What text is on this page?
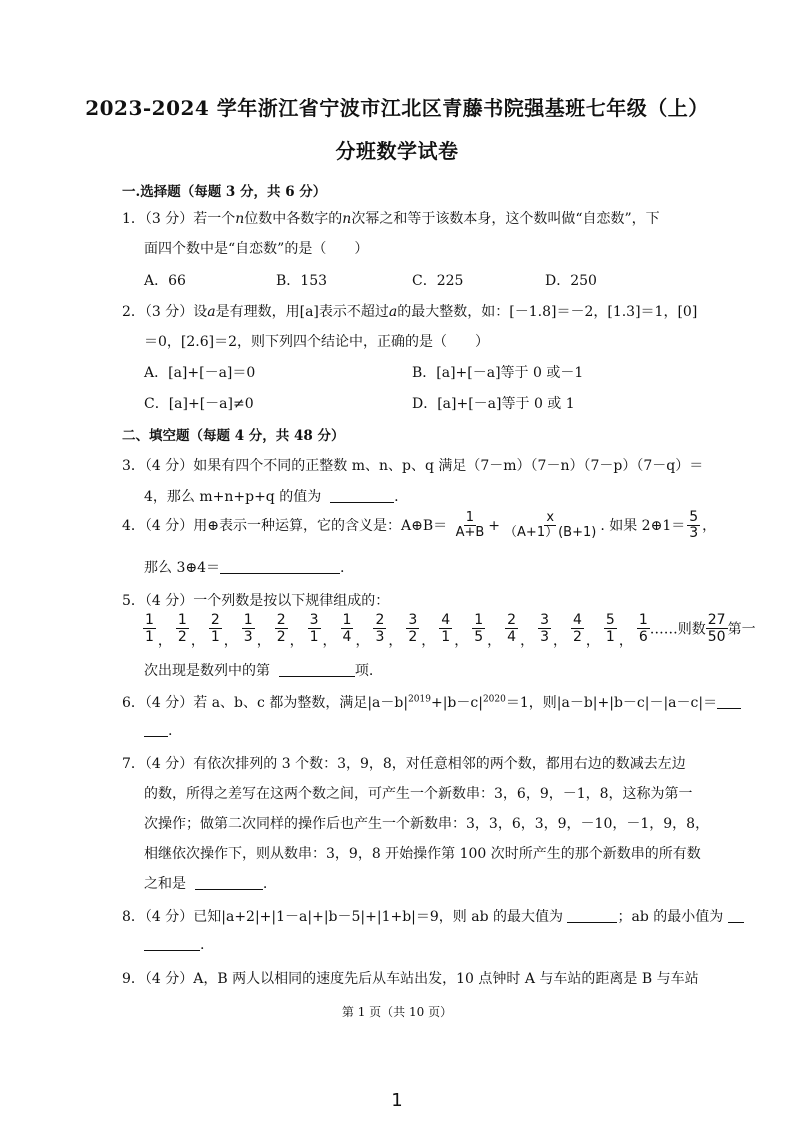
2023-2024 学年浙江省宁波市江北区青藤书院强基班七年级（上）
分班数学试卷
一.选择题（每题 3 分，共 6 分）
1．（3 分）若一个n位数中各数字的n次幂之和等于该数本身，这个数叫做“自恋数”，下
面四个数中是“自恋数”的是（　　）
A．66	B．153	C．225	D．250
2．（3 分）设a是有理数，用[a]表示不超过a的最大整数，如：[－1.8]＝－2，[1.3]＝1，[0]
＝0，[2.6]＝2，则下列四个结论中，正确的是（　　）
A．[a]+[－a]＝0	B．[a]+[－a]等于 0 或－1
C．[a]+[－a]≠0	D．[a]+[－a]等于 0 或 1
二、填空题（每题 4 分，共 48 分）
3．（4 分）如果有四个不同的正整数 m、n、p、q 满足（7－m）（7－n）（7－p）（7－q）＝
4，那么 m+n+p+q 的值为	.
4．（4 分）用⊕表示一种运算，它的含义是：A⊕B＝ $\frac{1}{A+B} + \frac{x}{(A+1)(B+1)}$ . 如果 2⊕1＝ $\frac{5}{3}$ ，
那么 3⊕4＝	.
5．（4 分）一个列数是按以下规律组成的：
$\frac{1}{1}$ ， $\frac{1}{2}$ ， $\frac{2}{1}$ ， $\frac{1}{3}$ ， $\frac{2}{2}$ ， $\frac{3}{1}$ ， $\frac{1}{4}$ ， $\frac{2}{3}$ ， $\frac{3}{2}$ ， $\frac{4}{1}$ ， $\frac{1}{5}$ ， $\frac{2}{4}$ ， $\frac{3}{3}$ ， $\frac{4}{2}$ ， $\frac{5}{1}$ ， $\frac{1}{6}$ ……则数 $\frac{27}{50}$ 第一
次出现是数列中的第	项.
6．（4 分）若 a、b、c 都为整数，满足$|a-b|^{2019}+|b-c|^{2020}=1$，则|a－b|+|b－c|－|a－c|＝
.
7．（4 分）有依次排列的 3 个数：3，9，8，对任意相邻的两个数，都用右边的数减去左边
的数，所得之差写在这两个数之间，可产生一个新数串：3，6，9，－1，8，这称为第一
次操作；做第二次同样的操作后也产生一个新数串：3，3，6，3，9，－10，－1，9，8，
相继依次操作下，则从数串：3，9，8 开始操作第 100 次时所产生的那个新数串的所有数
之和是	.
8．（4 分）已知|a+2|+|1－a|+|b－5|+|1+b|＝9，则 ab 的最大值为	；ab 的最小值为
.
9．（4 分）A，B 两人以相同的速度先后从车站出发，10 点钟时 A 与车站的距离是 B 与车站
第 1 页（共 10 页）
1
